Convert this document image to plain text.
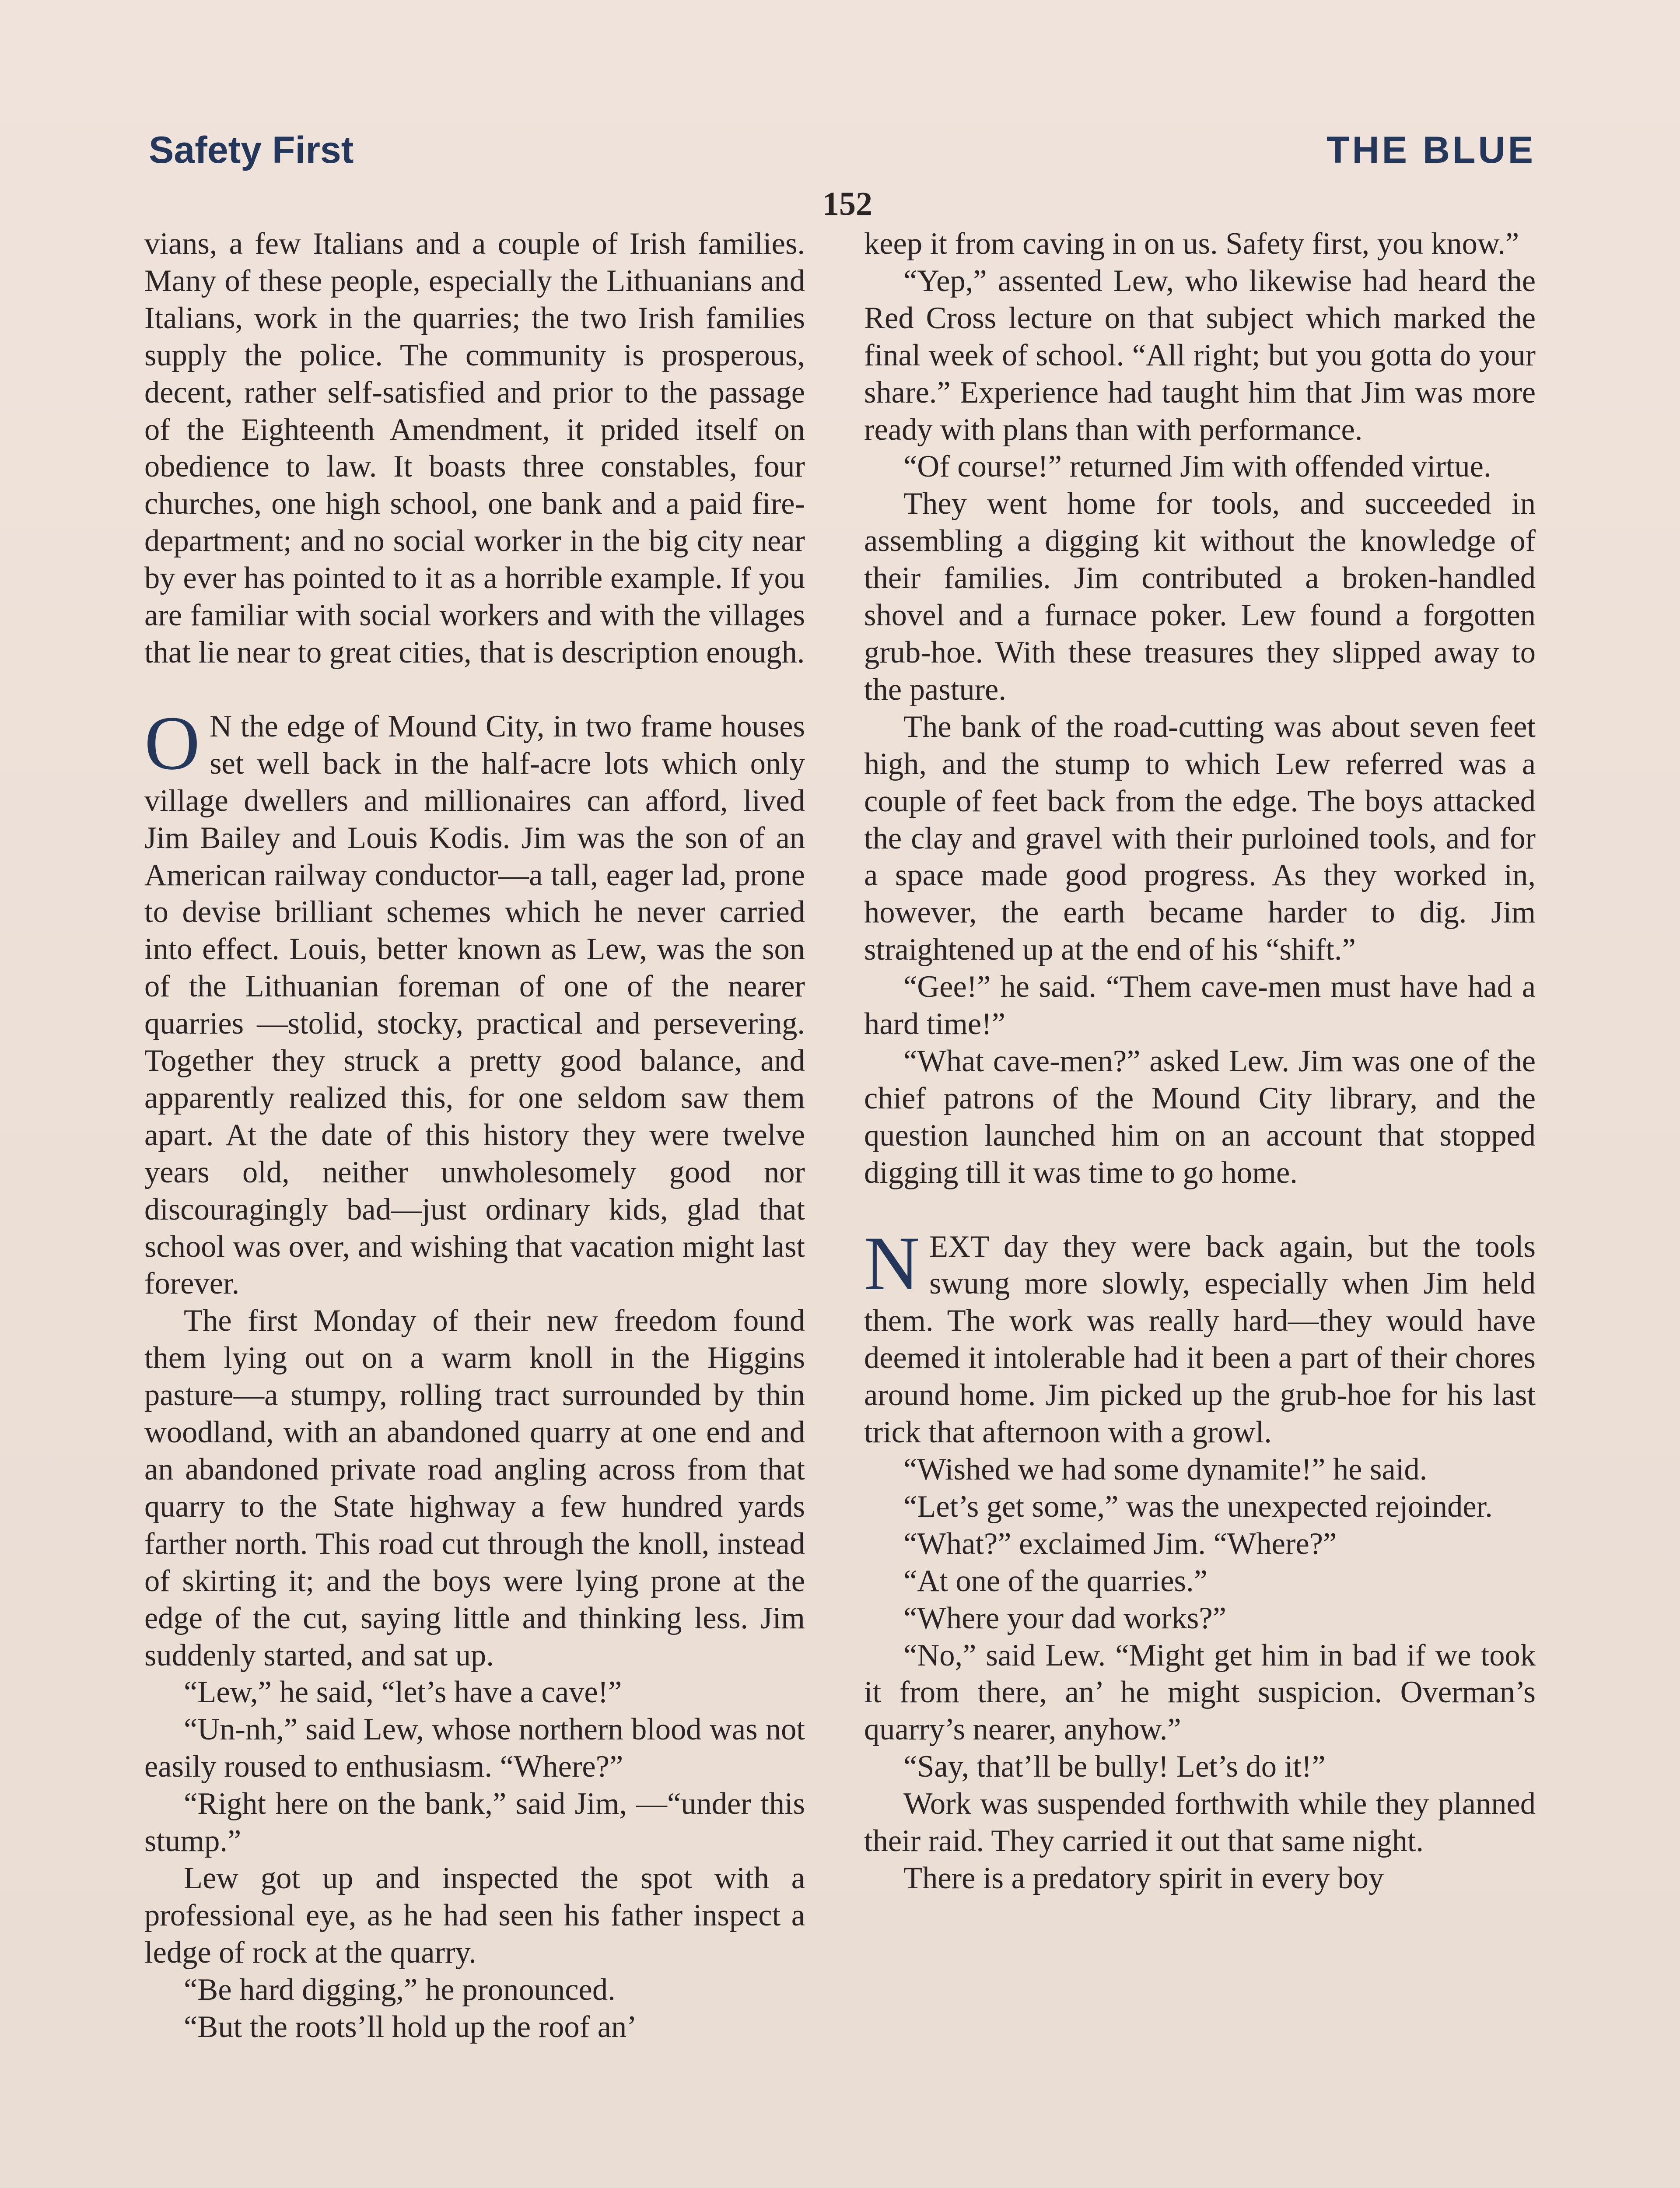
Safety First	THE BLUE
152

vians, a few Italians and a couple of Irish families. Many of these people, especially the Lithuanians and Italians, work in the quarries; the two Irish families supply the police. The community is prosperous, decent, rather self-satisfied and prior to the passage of the Eighteenth Amendment, it prided itself on obedience to law. It boasts three constables, four churches, one high school, one bank and a paid fire-department; and no social worker in the big city near by ever has pointed to it as a horrible example. If you are familiar with social workers and with the villages that lie near to great cities, that is description enough.

O N the edge of Mound City, in two frame houses set well back in the half-acre lots which only village dwellers and millionaires can afford, lived Jim Bailey and Louis Kodis. Jim was the son of an American railway conductor—a tall, eager lad, prone to devise brilliant schemes which he never carried into effect. Louis, better known as Lew, was the son of the Lithuanian foreman of one of the nearer quarries —stolid, stocky, practical and persevering. Together they struck a pretty good balance, and apparently realized this, for one seldom saw them apart. At the date of this history they were twelve years old, neither unwholesomely good nor discouragingly bad—just ordinary kids, glad that school was over, and wishing that vacation might last forever.

The first Monday of their new freedom found them lying out on a warm knoll in the Higgins pasture—a stumpy, rolling tract surrounded by thin woodland, with an abandoned quarry at one end and an abandoned private road angling across from that quarry to the State highway a few hundred yards farther north. This road cut through the knoll, instead of skirting it; and the boys were lying prone at the edge of the cut, saying little and thinking less. Jim suddenly started, and sat up.

“Lew,” he said, “let’s have a cave!”

“Un-nh,” said Lew, whose northern blood was not easily roused to enthusiasm. “Where?”

“Right here on the bank,” said Jim, —“under this stump.”

Lew got up and inspected the spot with a professional eye, as he had seen his father inspect a ledge of rock at the quarry.

“Be hard digging,” he pronounced.

“But the roots’ll hold up the roof an’

keep it from caving in on us. Safety first, you know.”

“Yep,” assented Lew, who likewise had heard the Red Cross lecture on that subject which marked the final week of school. “All right; but you gotta do your share.” Experience had taught him that Jim was more ready with plans than with performance.

“Of course!” returned Jim with offended virtue.

They went home for tools, and succeeded in assembling a digging kit without the knowledge of their families. Jim contributed a broken-handled shovel and a furnace poker. Lew found a forgotten grub-hoe. With these treasures they slipped away to the pasture.

The bank of the road-cutting was about seven feet high, and the stump to which Lew referred was a couple of feet back from the edge. The boys attacked the clay and gravel with their purloined tools, and for a space made good progress. As they worked in, however, the earth became harder to dig. Jim straightened up at the end of his “shift.”

“Gee!” he said. “Them cave-men must have had a hard time!”

“What cave-men?” asked Lew. Jim was one of the chief patrons of the Mound City library, and the question launched him on an account that stopped digging till it was time to go home.

NEXT day they were back again, but the tools swung more slowly, especially when Jim held them. The work was really hard—they would have deemed it intolerable had it been a part of their chores around home. Jim picked up the grub-hoe for his last trick that afternoon with a growl.

“Wished we had some dynamite!” he said.

“Let’s get some,” was the unexpected rejoinder.

“What?” exclaimed Jim. “Where?”

“At one of the quarries.”

“Where your dad works?”

“No,” said Lew. “Might get him in bad if we took it from there, an’ he might suspicion. Overman’s quarry’s nearer, anyhow.”

“Say, that’ll be bully! Let’s do it!”

Work was suspended forthwith while they planned their raid. They carried it out that same night.

There is a predatory spirit in every boy
